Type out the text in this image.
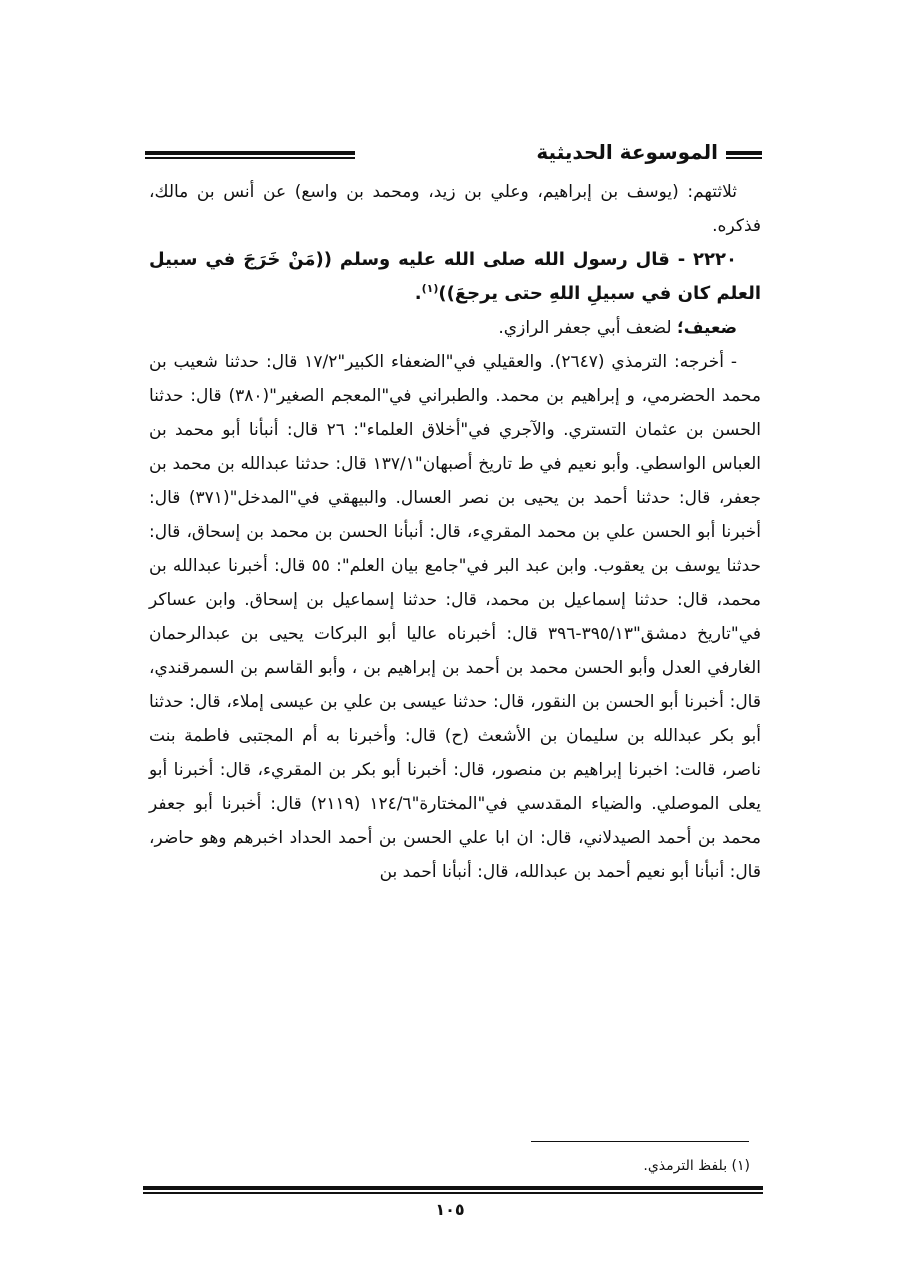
الموسوعة الحديثية

ثلاثتهم: (يوسف بن إبراهيم، وعلي بن زيد، ومحمد بن واسع) عن أنس بن مالك، فذكره.

٢٢٢٠ - قال رسول الله صلى الله عليه وسلم ((مَنْ خَرَجَ في سبيل العلم كان في سبيلِ اللهِ حتى يرجعَ))$^{(١)}$.

ضعيف؛ لضعف أبي جعفر الرازي.

- أخرجه: الترمذي (٢٦٤٧). والعقيلي في"الضعفاء الكبير"١٧/٢ قال: حدثنا شعيب بن محمد الحضرمي، و إبراهيم بن محمد. والطبراني في"المعجم الصغير"(٣٨٠) قال: حدثنا الحسن بن عثمان التستري. والآجري في"أخلاق العلماء": ٢٦ قال: أنبأنا أبو محمد بن العباس الواسطي. وأبو نعيم في ط تاريخ أصبهان"١٣٧/١ قال: حدثنا عبدالله بن محمد بن جعفر، قال: حدثنا أحمد بن يحيى بن نصر العسال. والبيهقي في"المدخل"(٣٧١) قال: أخبرنا أبو الحسن علي بن محمد المقريء، قال: أنبأنا الحسن بن محمد بن إسحاق، قال: حدثنا يوسف بن يعقوب. وابن عبد البر في"جامع بيان العلم": ٥٥ قال: أخبرنا عبدالله بن محمد، قال: حدثنا إسماعيل بن محمد، قال: حدثنا إسماعيل بن إسحاق. وابن عساكر في"تاريخ دمشق"٣٩٥/١٣-٣٩٦ قال: أخبرناه عاليا أبو البركات يحيى بن عبدالرحمان الغارفي العدل وأبو الحسن محمد بن أحمد بن إبراهيم بن ، وأبو القاسم بن السمرقندي، قال: أخبرنا أبو الحسن بن النقور، قال: حدثنا عيسى بن علي بن عيسى إملاء، قال: حدثنا أبو بكر عبدالله بن سليمان بن الأشعث (ح) قال: وأخبرنا به أم المجتبى فاطمة بنت ناصر، قالت: اخبرنا إبراهيم بن منصور، قال: أخبرنا أبو بكر بن المقريء، قال: أخبرنا أبو يعلى الموصلي. والضياء المقدسي في"المختارة"١٢٤/٦ (٢١١٩) قال: أخبرنا أبو جعفر محمد بن أحمد الصيدلاني، قال: ان ابا علي الحسن بن أحمد الحداد اخبرهم وهو حاضر، قال: أنبأنا أبو نعيم أحمد بن عبدالله، قال: أنبأنا أحمد بن

(١) بلفظ الترمذي.
١٠٥
